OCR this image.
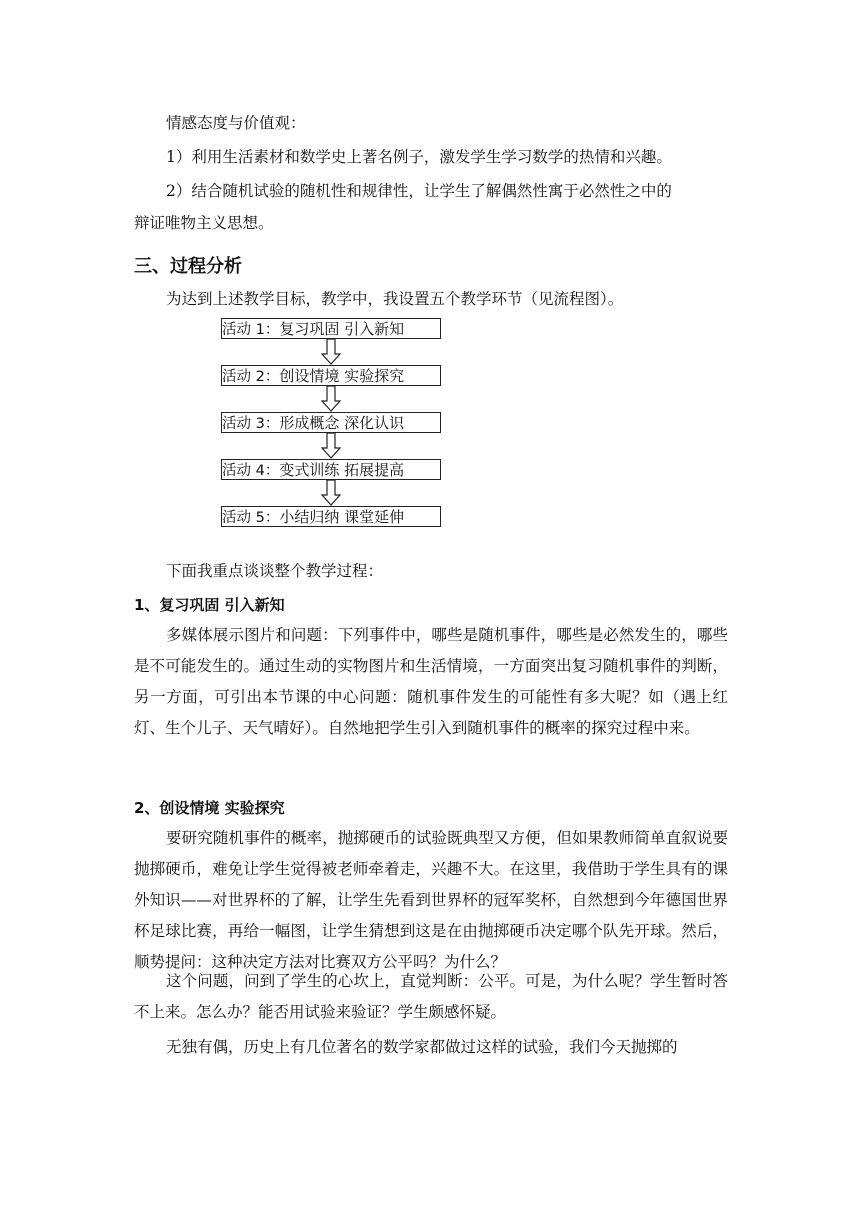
情感态度与价值观：

1）利用生活素材和数学史上著名例子，激发学生学习数学的热情和兴趣。

2）结合随机试验的随机性和规律性，让学生了解偶然性寓于必然性之中的

辩证唯物主义思想。

三、过程分析

为达到上述教学目标，教学中，我设置五个教学环节（见流程图）。

活动 1：复习巩固 引入新知
活动 2：创设情境 实验探究
活动 3：形成概念 深化认识
活动 4：变式训练 拓展提高
活动 5：小结归纳 课堂延伸

下面我重点谈谈整个教学过程：

1、复习巩固 引入新知

多媒体展示图片和问题：下列事件中，哪些是随机事件，哪些是必然发生的，哪些是不可能发生的。通过生动的实物图片和生活情境，一方面突出复习随机事件的判断，另一方面，可引出本节课的中心问题：随机事件发生的可能性有多大呢？如（遇上红灯、生个儿子、天气晴好）。自然地把学生引入到随机事件的概率的探究过程中来。

2、创设情境 实验探究

要研究随机事件的概率，抛掷硬币的试验既典型又方便，但如果教师简单直叙说要抛掷硬币，难免让学生觉得被老师牵着走，兴趣不大。在这里，我借助于学生具有的课外知识——对世界杯的了解，让学生先看到世界杯的冠军奖杯，自然想到今年德国世界杯足球比赛，再给一幅图，让学生猜想到这是在由抛掷硬币决定哪个队先开球。然后，顺势提问：这种决定方法对比赛双方公平吗？为什么？

这个问题，问到了学生的心坎上，直觉判断：公平。可是，为什么呢？学生暂时答不上来。怎么办？能否用试验来验证？学生颇感怀疑。

无独有偶，历史上有几位著名的数学家都做过这样的试验，我们今天抛掷的
